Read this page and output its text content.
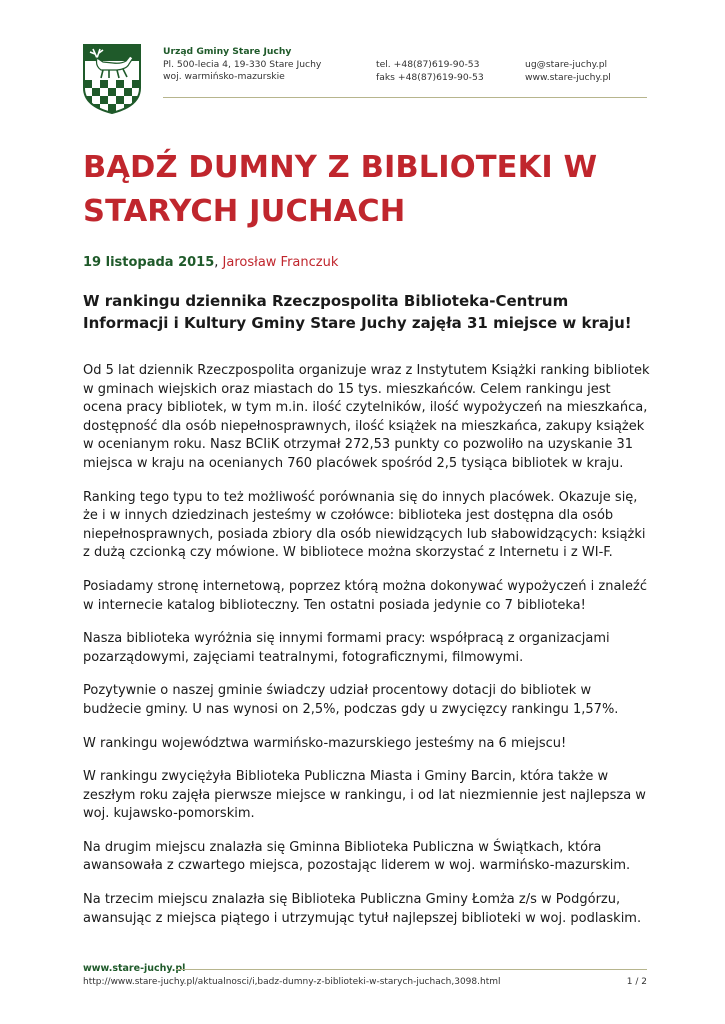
Urząd Gminy Stare Juchy
Pl. 500-lecia 4, 19-330 Stare Juchy
woj. warmińsko-mazurskie
tel. +48(87)619-90-53
faks +48(87)619-90-53
ug@stare-juchy.pl
www.stare-juchy.pl
BĄDŹ DUMNY Z BIBLIOTEKI W STARYCH JUCHACH
19 listopada 2015, Jarosław Franczuk

W rankingu dziennika Rzeczpospolita Biblioteka-Centrum Informacji i Kultury Gminy Stare Juchy zajęła 31 miejsce w kraju!

Od 5 lat dziennik Rzeczpospolita organizuje wraz z Instytutem Książki ranking bibliotek w gminach wiejskich oraz miastach do 15 tys. mieszkańców. Celem rankingu jest ocena pracy bibliotek, w tym m.in. ilość czytelników, ilość wypożyczeń na mieszkańca, dostępność dla osób niepełnosprawnych, ilość książek na mieszkańca, zakupy książek w ocenianym roku. Nasz BCIiK otrzymał 272,53 punkty co pozwoliło na uzyskanie 31 miejsca w kraju na ocenianych 760 placówek spośród 2,5 tysiąca bibliotek w kraju.

Ranking tego typu to też możliwość porównania się do innych placówek. Okazuje się, że i w innych dziedzinach jesteśmy w czołówce: biblioteka jest dostępna dla osób niepełnosprawnych, posiada zbiory dla osób niewidzących lub słabowidzących: książki z dużą czcionką czy mówione. W bibliotece można skorzystać z Internetu i z WI-F.

Posiadamy stronę internetową, poprzez którą można dokonywać wypożyczeń i znaleźć w internecie katalog biblioteczny. Ten ostatni posiada jedynie co 7 biblioteka!

Nasza biblioteka wyróżnia się innymi formami pracy: współpracą z organizacjami pozarządowymi, zajęciami teatralnymi, fotograficznymi, filmowymi.

Pozytywnie o naszej gminie świadczy udział procentowy dotacji do bibliotek w budżecie gminy. U nas wynosi on 2,5%, podczas gdy u zwycięzcy rankingu 1,57%.

W rankingu województwa warmińsko-mazurskiego jesteśmy na 6 miejscu!

W rankingu zwyciężyła Biblioteka Publiczna Miasta i Gminy Barcin, która także w zeszłym roku zajęła pierwsze miejsce w rankingu, i od lat niezmiennie jest najlepsza w woj. kujawsko-pomorskim.

Na drugim miejscu znalazła się Gminna Biblioteka Publiczna w Świątkach, która awansowała z czwartego miejsca, pozostając liderem w woj. warmińsko-mazurskim.

Na trzecim miejscu znalazła się Biblioteka Publiczna Gminy Łomża z/s w Podgórzu, awansując z miejsca piątego i utrzymując tytuł najlepszej biblioteki w woj. podlaskim.

www.stare-juchy.pl
http://www.stare-juchy.pl/aktualnosci/i,badz-dumny-z-biblioteki-w-starych-juchach,3098.html	1 / 2
